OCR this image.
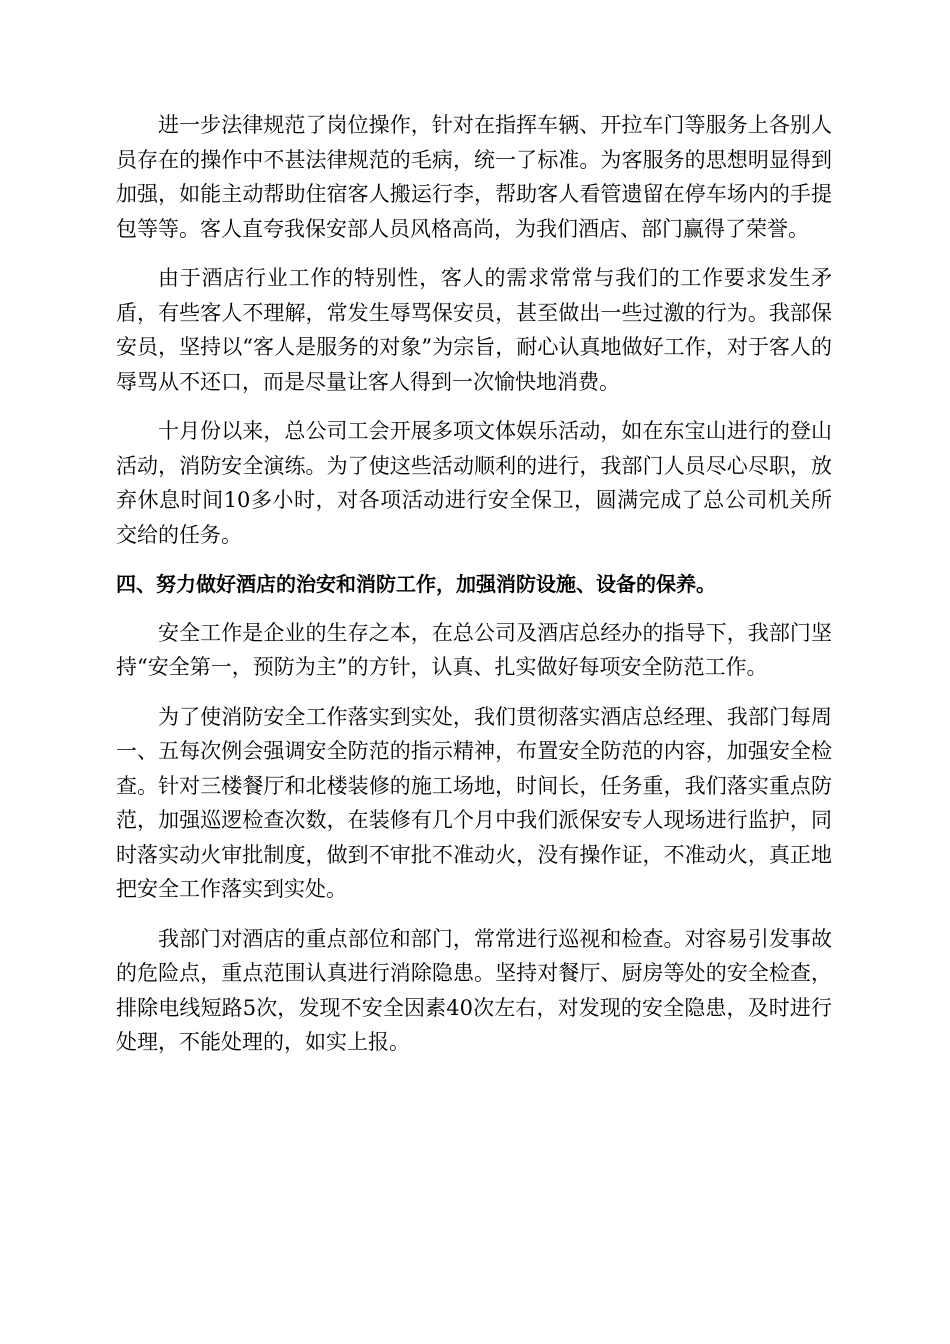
进一步法律规范了岗位操作，针对在指挥车辆、开拉车门等服务上各别人员存在的操作中不甚法律规范的毛病，统一了标准。为客服务的思想明显得到加强，如能主动帮助住宿客人搬运行李，帮助客人看管遗留在停车场内的手提包等等。客人直夸我保安部人员风格高尚，为我们酒店、部门赢得了荣誉。

由于酒店行业工作的特别性，客人的需求常常与我们的工作要求发生矛盾，有些客人不理解，常发生辱骂保安员，甚至做出一些过激的行为。我部保安员，坚持以“客人是服务的对象”为宗旨，耐心认真地做好工作，对于客人的辱骂从不还口，而是尽量让客人得到一次愉快地消费。

十月份以来，总公司工会开展多项文体娱乐活动，如在东宝山进行的登山活动，消防安全演练。为了使这些活动顺利的进行，我部门人员尽心尽职，放弃休息时间10多小时，对各项活动进行安全保卫，圆满完成了总公司机关所交给的任务。

四、努力做好酒店的治安和消防工作，加强消防设施、设备的保养。

安全工作是企业的生存之本，在总公司及酒店总经办的指导下，我部门坚持“安全第一，预防为主”的方针，认真、扎实做好每项安全防范工作。

为了使消防安全工作落实到实处，我们贯彻落实酒店总经理、我部门每周一、五每次例会强调安全防范的指示精神，布置安全防范的内容，加强安全检查。针对三楼餐厅和北楼装修的施工场地，时间长，任务重，我们落实重点防范，加强巡逻检查次数，在装修有几个月中我们派保安专人现场进行监护，同时落实动火审批制度，做到不审批不准动火，没有操作证，不准动火，真正地把安全工作落实到实处。

我部门对酒店的重点部位和部门，常常进行巡视和检查。对容易引发事故的危险点，重点范围认真进行消除隐患。坚持对餐厅、厨房等处的安全检查，排除电线短路5次，发现不安全因素40次左右，对发现的安全隐患，及时进行处理，不能处理的，如实上报。
